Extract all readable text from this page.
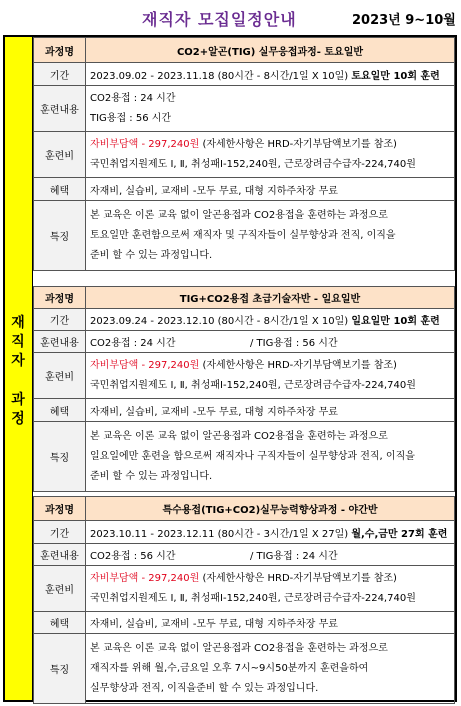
재직자 모집일정안내	2023년 9~10월
재
직
자
과
정
과정명	CO2+알곤(TIG) 실무응접과정- 토요일반
기간	2023.09.02 - 2023.11.18 (80시간 - 8시간/1일 X 10일) 토요일만 10회 훈련
훈련내용	CO2용접 : 24 시간
TIG용접 : 56 시간

훈련비	자비부담액 - 297,240원 (자세한사항은 HRD-자기부담액보기를 참조)
국민취업지원제도 Ⅰ, Ⅱ, 취성패Ⅰ-152,240원, 근로장려금수급자-224,740원

혜택	자재비, 실습비, 교재비 -모두 무료, 대형 지하주차장 무료
특징	본 교육은 이론 교육 없이 알곤용접과 CO2용접을 훈련하는 과정으로
토요일만 훈련함으로써 재직자 및 구직자들이 실무향상과 전직, 이직을
준비 할 수 있는 과정입니다.
과정명	TIG+CO2용접 초급기술자반 - 일요일반
기간	2023.09.24 - 2023.12.10 (80시간 - 8시간/1일 X 10일) 일요일만 10회 훈련
훈련내용	CO2용접 : 24 시간 / TIG용접 : 56 시간
훈련비	자비부담액 - 297,240원 (자세한사항은 HRD-자기부담액보기를 참조)
국민취업지원제도 Ⅰ, Ⅱ, 취성패Ⅰ-152,240원, 근로장려금수급자-224,740원

혜택	자재비, 실습비, 교재비 -모두 무료, 대형 지하주차장 무료
특징	본 교육은 이론 교육 없이 알곤용접과 CO2용접을 훈련하는 과정으로
일요일에만 훈련을 함으로써 재직자나 구직자들이 실무향상과 전직, 이직을
준비 할 수 있는 과정입니다.
과정명	특수용접(TIG+CO2)실무능력향상과정 - 야간반
기간	2023.10.11 - 2023.12.11 (80시간 - 3시간/1일 X 27일) 월,수,금만 27회 훈련
훈련내용	CO2용접 : 56 시간 / TIG용접 : 24 시간
훈련비	자비부담액 - 297,240원 (자세한사항은 HRD-자기부담액보기를 참조)
국민취업지원제도 Ⅰ, Ⅱ, 취성패Ⅰ-152,240원, 근로장려금수급자-224,740원

혜택	자재비, 실습비, 교재비 -모두 무료, 대형 지하주차장 무료
특징	본 교육은 이론 교육 없이 알곤용접과 CO2용접을 훈련하는 과정으로
재직자를 위해 월,수,금요일 오후 7시~9시50분까지 훈련을하여
실무향상과 전직, 이직을준비 할 수 있는 과정입니다.
